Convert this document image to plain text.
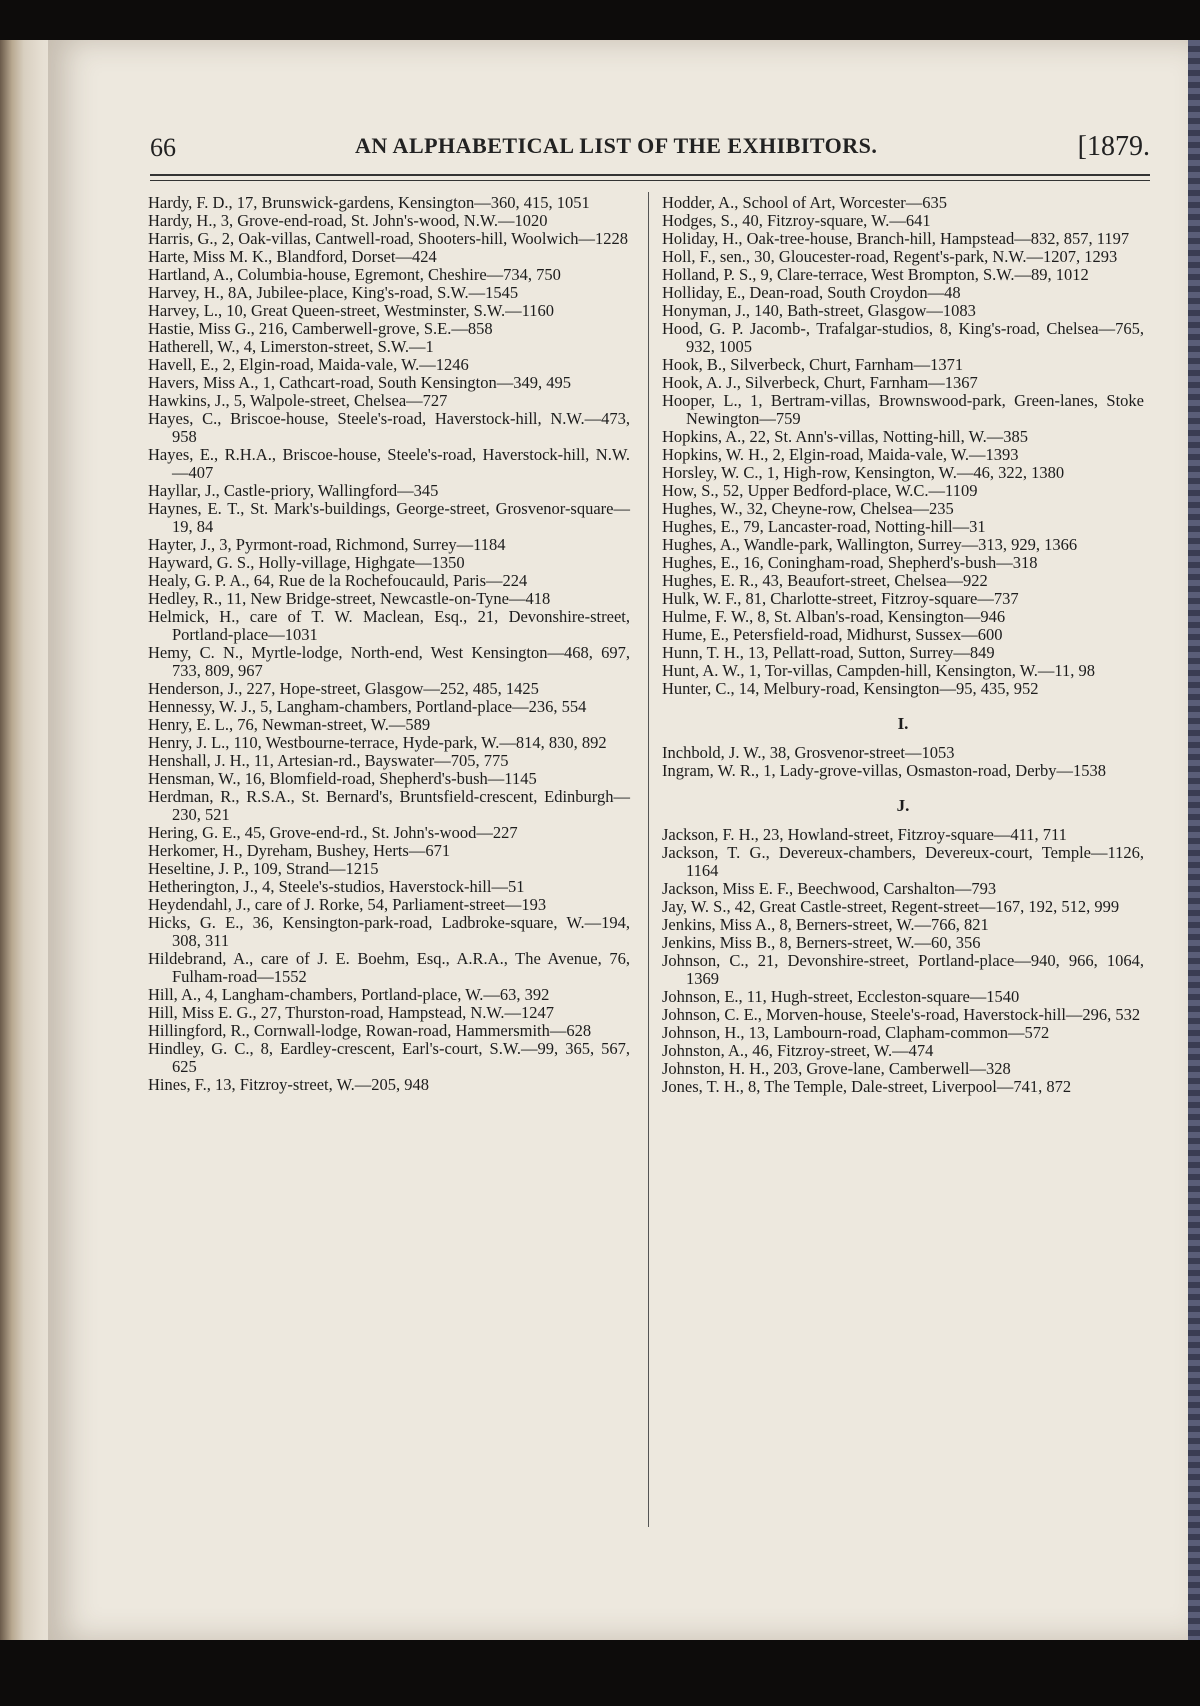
66	AN ALPHABETICAL LIST OF THE EXHIBITORS.	[1879.
Hardy, F. D., 17, Brunswick-gardens, Kensington—360, 415, 1051
Hardy, H., 3, Grove-end-road, St. John's-wood, N.W.—1020
Harris, G., 2, Oak-villas, Cantwell-road, Shooters-hill, Woolwich—1228
Harte, Miss M. K., Blandford, Dorset—424
Hartland, A., Columbia-house, Egremont, Cheshire—734, 750
Harvey, H., 8A, Jubilee-place, King's-road, S.W.—1545
Harvey, L., 10, Great Queen-street, Westminster, S.W.—1160
Hastie, Miss G., 216, Camberwell-grove, S.E.—858
Hatherell, W., 4, Limerston-street, S.W.—1
Havell, E., 2, Elgin-road, Maida-vale, W.—1246
Havers, Miss A., 1, Cathcart-road, South Kensington—349, 495
Hawkins, J., 5, Walpole-street, Chelsea—727
Hayes, C., Briscoe-house, Steele's-road, Haverstock-hill, N.W.—473, 958
Hayes, E., R.H.A., Briscoe-house, Steele's-road, Haverstock-hill, N.W.—407
Hayllar, J., Castle-priory, Wallingford—345
Haynes, E. T., St. Mark's-buildings, George-street, Grosvenor-square—19, 84
Hayter, J., 3, Pyrmont-road, Richmond, Surrey—1184
Hayward, G. S., Holly-village, Highgate—1350
Healy, G. P. A., 64, Rue de la Rochefoucauld, Paris—224
Hedley, R., 11, New Bridge-street, Newcastle-on-Tyne—418
Helmick, H., care of T. W. Maclean, Esq., 21, Devonshire-street, Portland-place—1031
Hemy, C. N., Myrtle-lodge, North-end, West Kensington—468, 697, 733, 809, 967
Henderson, J., 227, Hope-street, Glasgow—252, 485, 1425
Hennessy, W. J., 5, Langham-chambers, Portland-place—236, 554
Henry, E. L., 76, Newman-street, W.—589
Henry, J. L., 110, Westbourne-terrace, Hyde-park, W.—814, 830, 892
Henshall, J. H., 11, Artesian-rd., Bayswater—705, 775
Hensman, W., 16, Blomfield-road, Shepherd's-bush—1145
Herdman, R., R.S.A., St. Bernard's, Bruntsfield-crescent, Edinburgh—230, 521
Hering, G. E., 45, Grove-end-rd., St. John's-wood—227
Herkomer, H., Dyreham, Bushey, Herts—671
Heseltine, J. P., 109, Strand—1215
Hetherington, J., 4, Steele's-studios, Haverstock-hill—51
Heydendahl, J., care of J. Rorke, 54, Parliament-street—193
Hicks, G. E., 36, Kensington-park-road, Ladbroke-square, W.—194, 308, 311
Hildebrand, A., care of J. E. Boehm, Esq., A.R.A., The Avenue, 76, Fulham-road—1552
Hill, A., 4, Langham-chambers, Portland-place, W.—63, 392
Hill, Miss E. G., 27, Thurston-road, Hampstead, N.W.—1247
Hillingford, R., Cornwall-lodge, Rowan-road, Hammersmith—628
Hindley, G. C., 8, Eardley-crescent, Earl's-court, S.W.—99, 365, 567, 625
Hines, F., 13, Fitzroy-street, W.—205, 948
Hodder, A., School of Art, Worcester—635
Hodges, S., 40, Fitzroy-square, W.—641
Holiday, H., Oak-tree-house, Branch-hill, Hampstead—832, 857, 1197
Holl, F., sen., 30, Gloucester-road, Regent's-park, N.W.—1207, 1293
Holland, P. S., 9, Clare-terrace, West Brompton, S.W.—89, 1012
Holliday, E., Dean-road, South Croydon—48
Honyman, J., 140, Bath-street, Glasgow—1083
Hood, G. P. Jacomb-, Trafalgar-studios, 8, King's-road, Chelsea—765, 932, 1005
Hook, B., Silverbeck, Churt, Farnham—1371
Hook, A. J., Silverbeck, Churt, Farnham—1367
Hooper, L., 1, Bertram-villas, Brownswood-park, Green-lanes, Stoke Newington—759
Hopkins, A., 22, St. Ann's-villas, Notting-hill, W.—385
Hopkins, W. H., 2, Elgin-road, Maida-vale, W.—1393
Horsley, W. C., 1, High-row, Kensington, W.—46, 322, 1380
How, S., 52, Upper Bedford-place, W.C.—1109
Hughes, W., 32, Cheyne-row, Chelsea—235
Hughes, E., 79, Lancaster-road, Notting-hill—31
Hughes, A., Wandle-park, Wallington, Surrey—313, 929, 1366
Hughes, E., 16, Coningham-road, Shepherd's-bush—318
Hughes, E. R., 43, Beaufort-street, Chelsea—922
Hulk, W. F., 81, Charlotte-street, Fitzroy-square—737
Hulme, F. W., 8, St. Alban's-road, Kensington—946
Hume, E., Petersfield-road, Midhurst, Sussex—600
Hunn, T. H., 13, Pellatt-road, Sutton, Surrey—849
Hunt, A. W., 1, Tor-villas, Campden-hill, Kensington, W.—11, 98
Hunter, C., 14, Melbury-road, Kensington—95, 435, 952
I.
Inchbold, J. W., 38, Grosvenor-street—1053
Ingram, W. R., 1, Lady-grove-villas, Osmaston-road, Derby—1538
J.
Jackson, F. H., 23, Howland-street, Fitzroy-square—411, 711
Jackson, T. G., Devereux-chambers, Devereux-court, Temple—1126, 1164
Jackson, Miss E. F., Beechwood, Carshalton—793
Jay, W. S., 42, Great Castle-street, Regent-street—167, 192, 512, 999
Jenkins, Miss A., 8, Berners-street, W.—766, 821
Jenkins, Miss B., 8, Berners-street, W.—60, 356
Johnson, C., 21, Devonshire-street, Portland-place—940, 966, 1064, 1369
Johnson, E., 11, Hugh-street, Eccleston-square—1540
Johnson, C. E., Morven-house, Steele's-road, Haverstock-hill—296, 532
Johnson, H., 13, Lambourn-road, Clapham-common—572
Johnston, A., 46, Fitzroy-street, W.—474
Johnston, H. H., 203, Grove-lane, Camberwell—328
Jones, T. H., 8, The Temple, Dale-street, Liverpool—741, 872
